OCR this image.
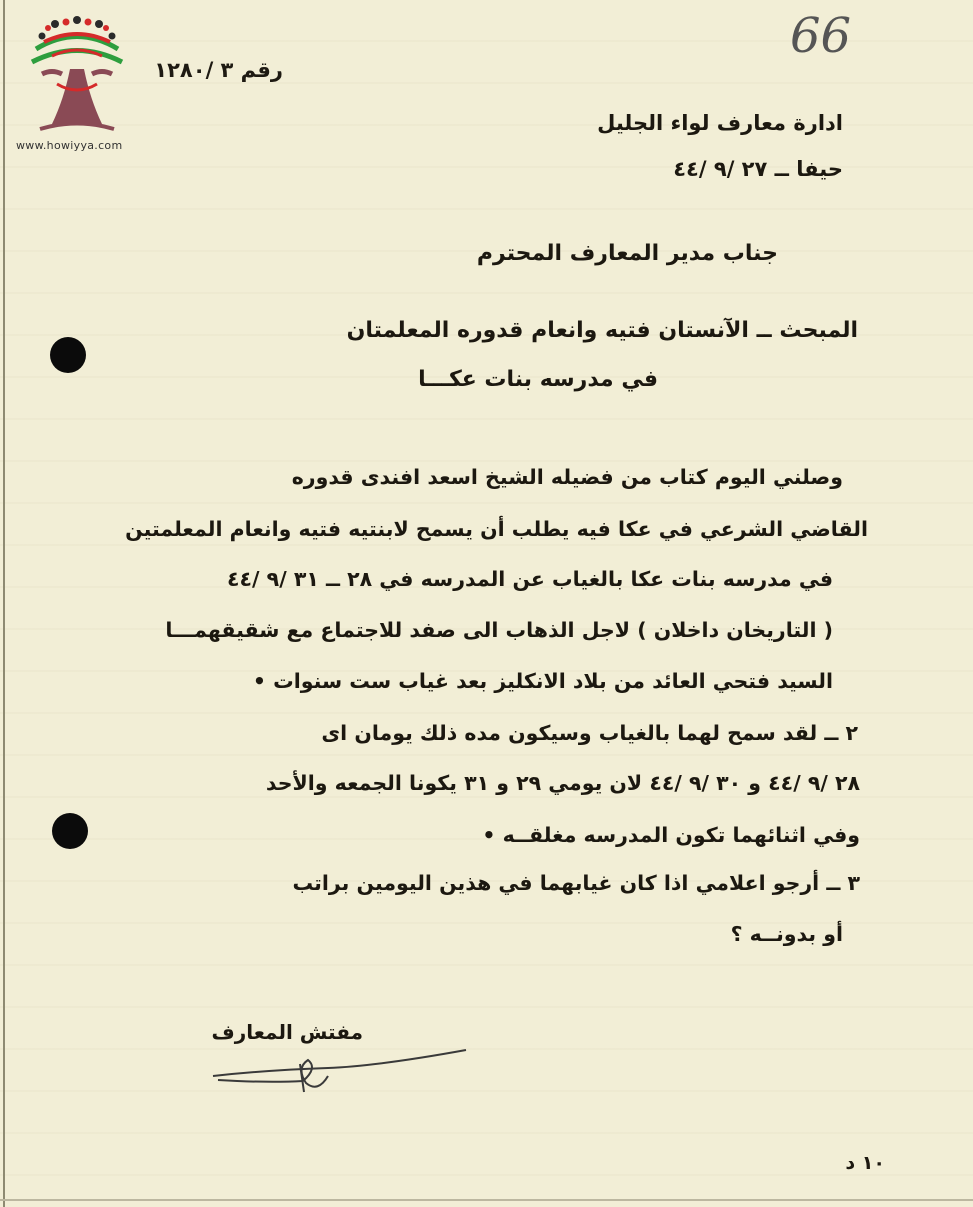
www.howiyya.com
66
رقم ٣ /١٢٨٠
ادارة معارف لواء الجليل
حيفا ــ ٢٧ /٩ /٤٤
جناب مدير المعارف المحترم
المبحث ــ الآنستان فتيه وانعام قدوره المعلمتان
في مدرسه بنات عكـــا
وصلني اليوم كتاب من فضيله الشيخ اسعد افندى قدوره
القاضي الشرعي في عكا فيه يطلب أن يسمح لابنتيه فتيه وانعام المعلمتين
في مدرسه بنات عكا بالغياب عن المدرسه في ٢٨ ــ ٣١ /٩ /٤٤
( التاريخان داخلان ) لاجل الذهاب الى صفد للاجتماع مع شقيقهمـــا
السيد فتحي العائد من بلاد الانكليز بعد غياب ست سنوات •
٢ ــ لقد سمح لهما بالغياب وسيكون مده ذلك يومان اى
٢٨ /٩ /٤٤ و ٣٠ /٩ /٤٤ لان يومي ٢٩ و ٣١ يكونا الجمعه والأحد
وفي اثنائهما تكون المدرسه مغلقــه •
٣ ــ أرجو اعلامي اذا كان غيابهما في هذين اليومين براتب
أو بدونــه ؟
مفتش المعارف
١٠ د
